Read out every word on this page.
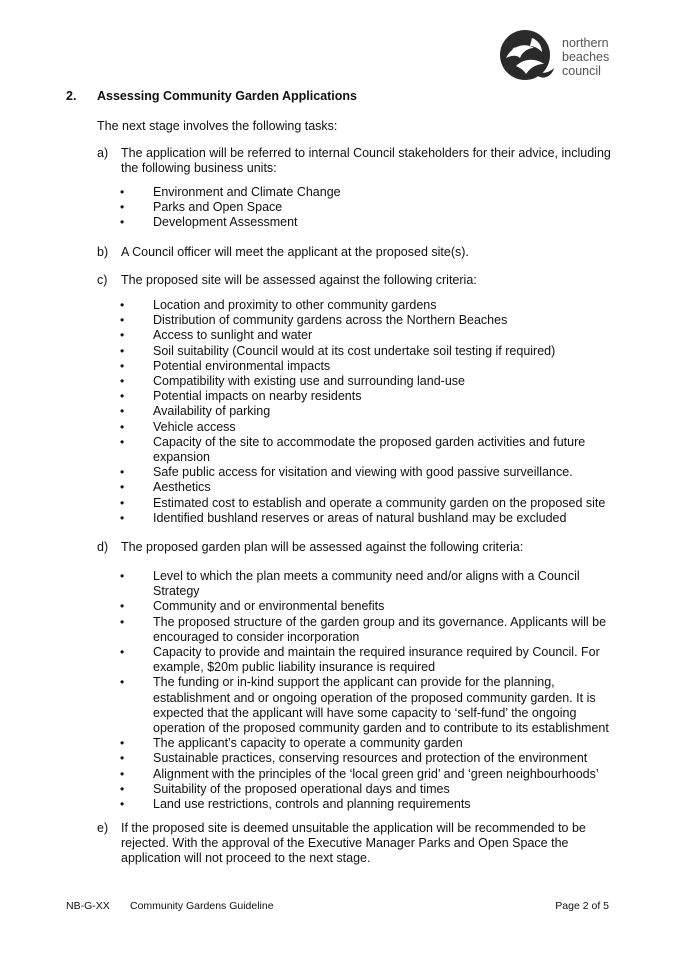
northern
beaches
council
2. Assessing Community Garden Applications
The next stage involves the following tasks:
a) The application will be referred to internal Council stakeholders for their advice, including the following business units:
• Environment and Climate Change
• Parks and Open Space
• Development Assessment
b) A Council officer will meet the applicant at the proposed site(s).
c) The proposed site will be assessed against the following criteria:
• Location and proximity to other community gardens
• Distribution of community gardens across the Northern Beaches
• Access to sunlight and water
• Soil suitability (Council would at its cost undertake soil testing if required)
• Potential environmental impacts
• Compatibility with existing use and surrounding land-use
• Potential impacts on nearby residents
• Availability of parking
• Vehicle access
• Capacity of the site to accommodate the proposed garden activities and future expansion
• Safe public access for visitation and viewing with good passive surveillance.
• Aesthetics
• Estimated cost to establish and operate a community garden on the proposed site
• Identified bushland reserves or areas of natural bushland may be excluded
d) The proposed garden plan will be assessed against the following criteria:
• Level to which the plan meets a community need and/or aligns with a Council Strategy
• Community and or environmental benefits
• The proposed structure of the garden group and its governance. Applicants will be encouraged to consider incorporation
• Capacity to provide and maintain the required insurance required by Council. For example, $20m public liability insurance is required
• The funding or in-kind support the applicant can provide for the planning, establishment and or ongoing operation of the proposed community garden. It is expected that the applicant will have some capacity to ‘self-fund’ the ongoing operation of the proposed community garden and to contribute to its establishment
• The applicant’s capacity to operate a community garden
• Sustainable practices, conserving resources and protection of the environment
• Alignment with the principles of the ‘local green grid’ and ‘green neighbourhoods’
• Suitability of the proposed operational days and times
• Land use restrictions, controls and planning requirements
e) If the proposed site is deemed unsuitable the application will be recommended to be rejected. With the approval of the Executive Manager Parks and Open Space the application will not proceed to the next stage.
NB-G-XX Community Gardens Guideline	Page 2 of 5
